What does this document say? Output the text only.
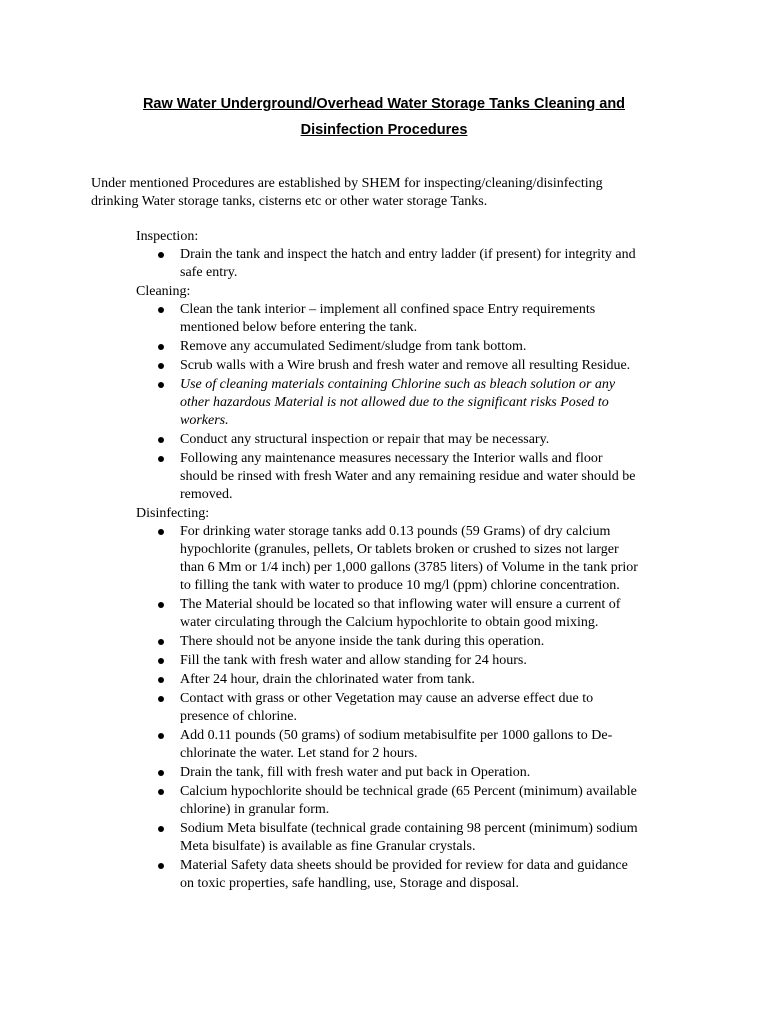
Raw Water Underground/Overhead Water Storage Tanks Cleaning and
Disinfection Procedures
Under mentioned Procedures are established by SHEM for inspecting/cleaning/disinfecting
drinking Water storage tanks, cisterns etc or other water storage Tanks.
Inspection:
Drain the tank and inspect the hatch and entry ladder (if present) for integrity and
safe entry.
Cleaning:
Clean the tank interior – implement all confined space Entry requirements
mentioned below before entering the tank.
Remove any accumulated Sediment/sludge from tank bottom.
Scrub walls with a Wire brush and fresh water and remove all resulting Residue.
Use of cleaning materials containing Chlorine such as bleach solution or any
other hazardous Material is not allowed due to the significant risks Posed to
workers.
Conduct any structural inspection or repair that may be necessary.
Following any maintenance measures necessary the Interior walls and floor
should be rinsed with fresh Water and any remaining residue and water should be
removed.
Disinfecting:
For drinking water storage tanks add 0.13 pounds (59 Grams) of dry calcium
hypochlorite (granules, pellets, Or tablets broken or crushed to sizes not larger
than 6 Mm or 1/4 inch) per 1,000 gallons (3785 liters) of Volume in the tank prior
to filling the tank with water to produce 10 mg/l (ppm) chlorine concentration.
The Material should be located so that inflowing water will ensure a current of
water circulating through the Calcium hypochlorite to obtain good mixing.
There should not be anyone inside the tank during this operation.
Fill the tank with fresh water and allow standing for 24 hours.
After 24 hour, drain the chlorinated water from tank.
Contact with grass or other Vegetation may cause an adverse effect due to
presence of chlorine.
Add 0.11 pounds (50 grams) of sodium metabisulfite per 1000 gallons to De-
chlorinate the water. Let stand for 2 hours.
Drain the tank, fill with fresh water and put back in Operation.
Calcium hypochlorite should be technical grade (65 Percent (minimum) available
chlorine) in granular form.
Sodium Meta bisulfate (technical grade containing 98 percent (minimum) sodium
Meta bisulfate) is available as fine Granular crystals.
Material Safety data sheets should be provided for review for data and guidance
on toxic properties, safe handling, use, Storage and disposal.
